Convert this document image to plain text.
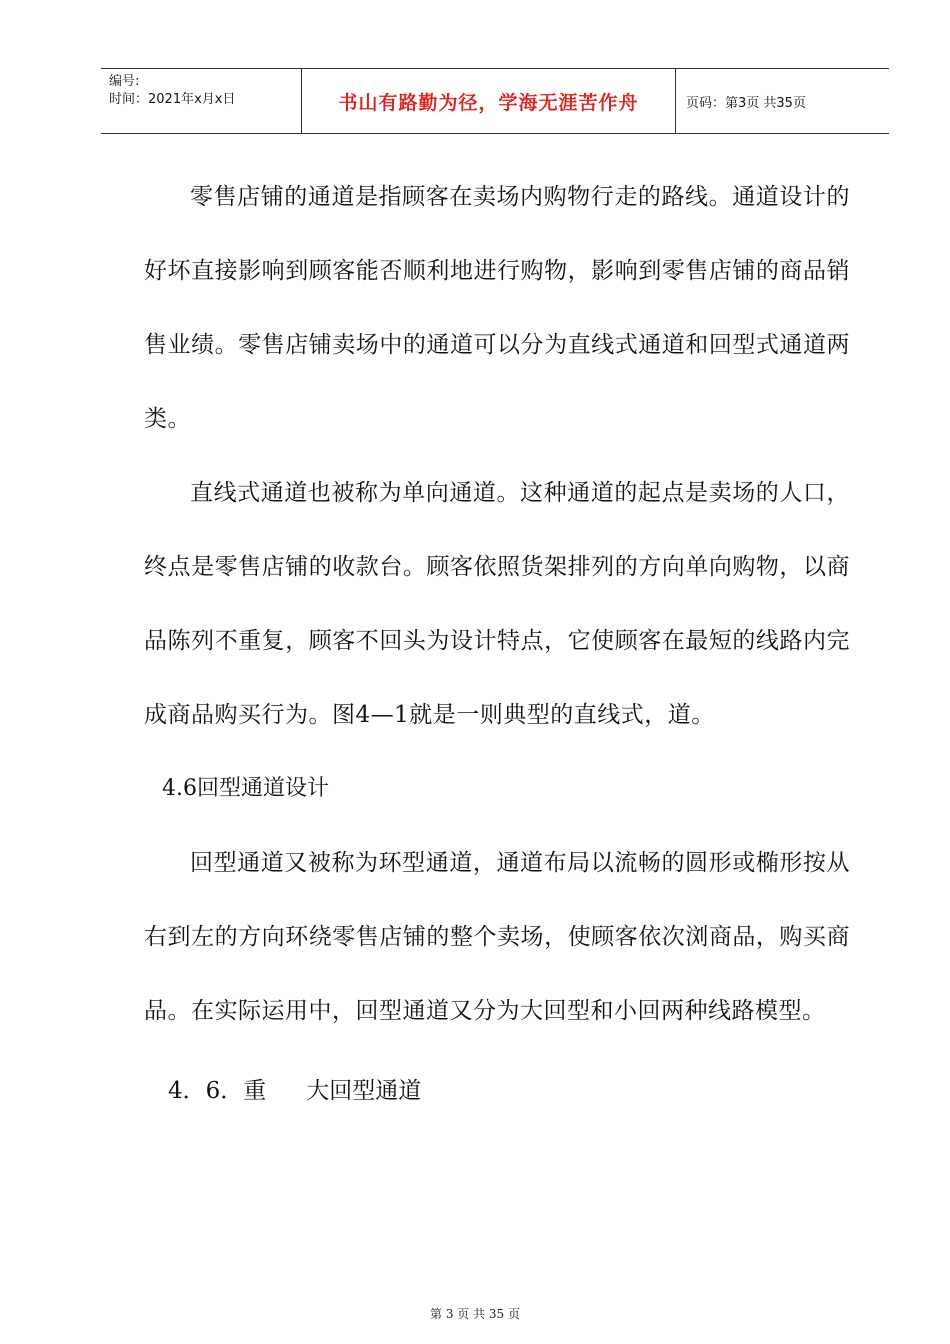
编号:
时间：2021年x月x日	书山有路勤为径，学海无涯苦作舟	页码：第3页 共35页

零售店铺的通道是指顾客在卖场内购物行走的路线。通道设计的好坏直接影响到顾客能否顺利地进行购物，影响到零售店铺的商品销售业绩。零售店铺卖场中的通道可以分为直线式通道和回型式通道两类。

直线式通道也被称为单向通道。这种通道的起点是卖场的人口，终点是零售店铺的收款台。顾客依照货架排列的方向单向购物，以商品陈列不重复，顾客不回头为设计特点，它使顾客在最短的线路内完成商品购买行为。图4—1就是一则典型的直线式，道。

4.6回型通道设计

回型通道又被称为环型通道，通道布局以流畅的圆形或椭形按从右到左的方向环绕零售店铺的整个卖场，使顾客依次浏商品，购买商品。在实际运用中，回型通道又分为大回型和小回两种线路模型。

4．6．重 大回型通道

第 3 页 共 35 页
